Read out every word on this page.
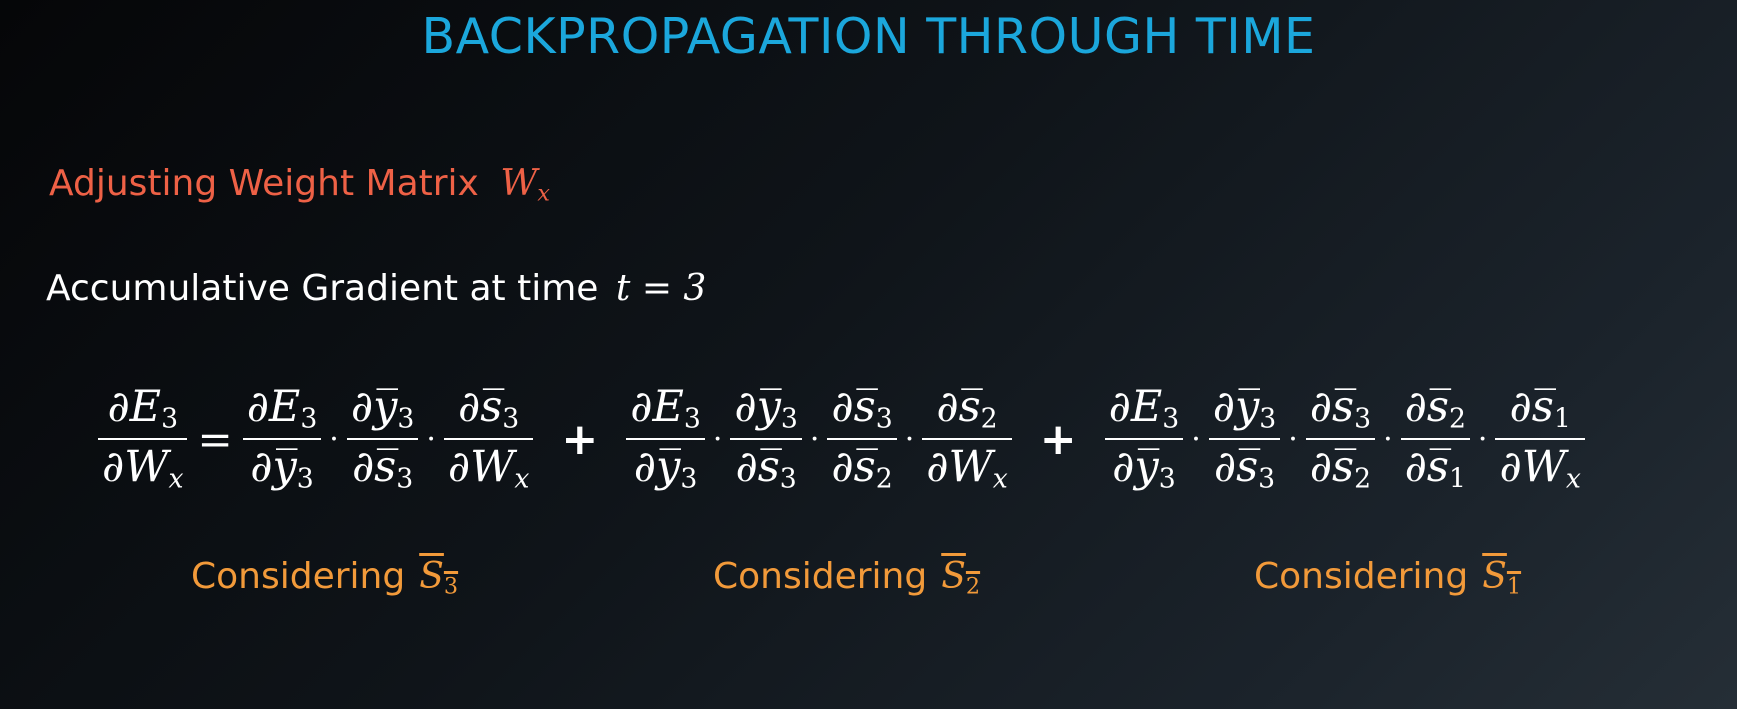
BACKPROPAGATION THROUGH TIME
Adjusting Weight Matrix $W_x$
Accumulative Gradient at time t = 3
$\frac{\partial E_3}{\partial W_x} = \frac{\partial E_3}{\partial y̅_3} \cdot \frac{\partial y̅_3}{\partial s̅_3} \cdot \frac{\partial s̅_3}{\partial W_x} + \frac{\partial E_3}{\partial y̅_3} \cdot \frac{\partial y̅_3}{\partial s̅_3} \cdot \frac{\partial s̅_3}{\partial s̅_2} \cdot \frac{\partial s̅_2}{\partial W_x} + \frac{\partial E_3}{\partial y̅_3} \cdot \frac{\partial y̅_3}{\partial s̅_3} \cdot \frac{\partial s̅_3}{\partial s̅_2} \cdot \frac{\partial s̅_2}{\partial s̅_1} \cdot \frac{\partial s̅_1}{\partial W_x}$
Considering $S_3$	Considering $S_2$	Considering $S_1$
